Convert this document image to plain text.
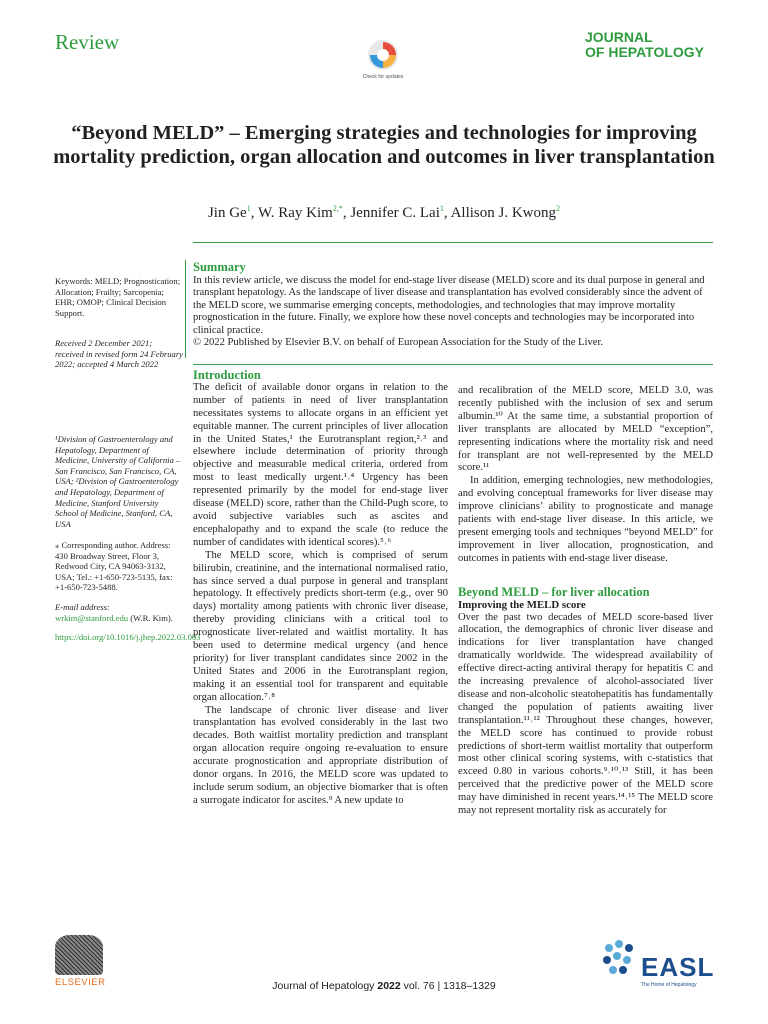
Review
Check for updates
JOURNAL
OF HEPATOLOGY
“Beyond MELD” – Emerging strategies and technologies for improving mortality prediction, organ allocation and outcomes in liver transplantation
Jin Ge$^1$, W. Ray Kim$^{2,*}$, Jennifer C. Lai$^1$, Allison J. Kwong$^2$
Keywords: MELD; Prognostication; Allocation; Frailty; Sarcopenia; EHR; OMOP; Clinical Decision Support.
Received 2 December 2021; received in revised form 24 February 2022; accepted 4 March 2022
¹Division of Gastroenterology and Hepatology, Department of Medicine, University of California – San Francisco, San Francisco, CA, USA; ²Division of Gastroenterology and Hepatology, Department of Medicine, Stanford University School of Medicine, Stanford, CA, USA
⁎ Corresponding author. Address: 430 Broadway Street, Floor 3, Redwood City, CA 94063-3132, USA; Tel.: +1-650-723-5135, fax: +1-650-723-5488.
E-mail address: wrkim@stanford.edu (W.R. Kim).
https://doi.org/10.1016/j.jhep.2022.03.003
Summary
In this review article, we discuss the model for end-stage liver disease (MELD) score and its dual purpose in general and transplant hepatology. As the landscape of liver disease and transplantation has evolved considerably since the advent of the MELD score, we summarise emerging concepts, methodologies, and technologies that may improve mortality prognostication in the future. Finally, we explore how these novel concepts and technologies may be incorporated into clinical practice.
© 2022 Published by Elsevier B.V. on behalf of European Association for the Study of the Liver.
Introduction

The deficit of available donor organs in relation to the number of patients in need of liver transplantation necessitates systems to allocate organs in an efficient yet equitable manner. The current principles of liver allocation in the United States,¹ the Eurotransplant region,²˒³ and elsewhere include determination of priority through objective and measurable medical criteria, ordered from most to least medically urgent.¹˒⁴ Urgency has been represented primarily by the model for end-stage liver disease (MELD) score, rather than the Child-Pugh score, to avoid subjective variables such as ascites and encephalopathy and to expand the scale (to reduce the number of candidates with identical scores).⁵˒⁶

The MELD score, which is comprised of serum bilirubin, creatinine, and the international normalised ratio, has since served a dual purpose in general and transplant hepatology. It effectively predicts short-term (e.g., over 90 days) mortality among patients with chronic liver disease, thereby providing clinicians with a critical tool to prognosticate liver-related and waitlist mortality. It has been used to determine medical urgency (and hence priority) for liver transplant candidates since 2002 in the United States and 2006 in the Eurotransplant region, making it an essential tool for transparent and equitable organ allocation.⁷˒⁸

The landscape of chronic liver disease and liver transplantation has evolved considerably in the last two decades. Both waitlist mortality prediction and transplant organ allocation require ongoing re-evaluation to ensure accurate prognostication and appropriate distribution of donor organs. In 2016, the MELD score was updated to include serum sodium, an objective biomarker that is often a surrogate indicator for ascites.⁹ A new update to

and recalibration of the MELD score, MELD 3.0, was recently published with the inclusion of sex and serum albumin.¹⁰ At the same time, a substantial proportion of liver transplants are allocated by MELD “exception”, representing indications where the mortality risk and need for transplant are not well-represented by the MELD score.¹¹

In addition, emerging technologies, new methodologies, and evolving conceptual frameworks for liver disease may improve clinicians’ ability to prognosticate and manage patients with end-stage liver disease. In this article, we present emerging tools and techniques “beyond MELD” for improvement in liver allocation, prognostication, and outcomes in patients with end-stage liver disease.

Beyond MELD – for liver allocation
Improving the MELD score

Over the past two decades of MELD score-based liver allocation, the demographics of chronic liver disease and indications for liver transplantation have changed dramatically worldwide. The widespread availability of effective direct-acting antiviral therapy for hepatitis C and the increasing prevalence of alcohol-associated liver disease and non-alcoholic steatohepatitis has fundamentally changed the population of patients awaiting liver transplantation.¹¹˒¹² Throughout these changes, however, the MELD score has continued to provide robust predictions of short-term waitlist mortality that outperform most other clinical scoring systems, with c-statistics that exceed 0.80 in various cohorts.⁹˒¹⁰˒¹³ Still, it has been perceived that the predictive power of the MELD score may have diminished in recent years.¹⁴˒¹⁵ The MELD score may not represent mortality risk as accurately for

ELSEVIER
EASL
The Home of Hepatology
Journal of Hepatology 2022 vol. 76 | 1318–1329
